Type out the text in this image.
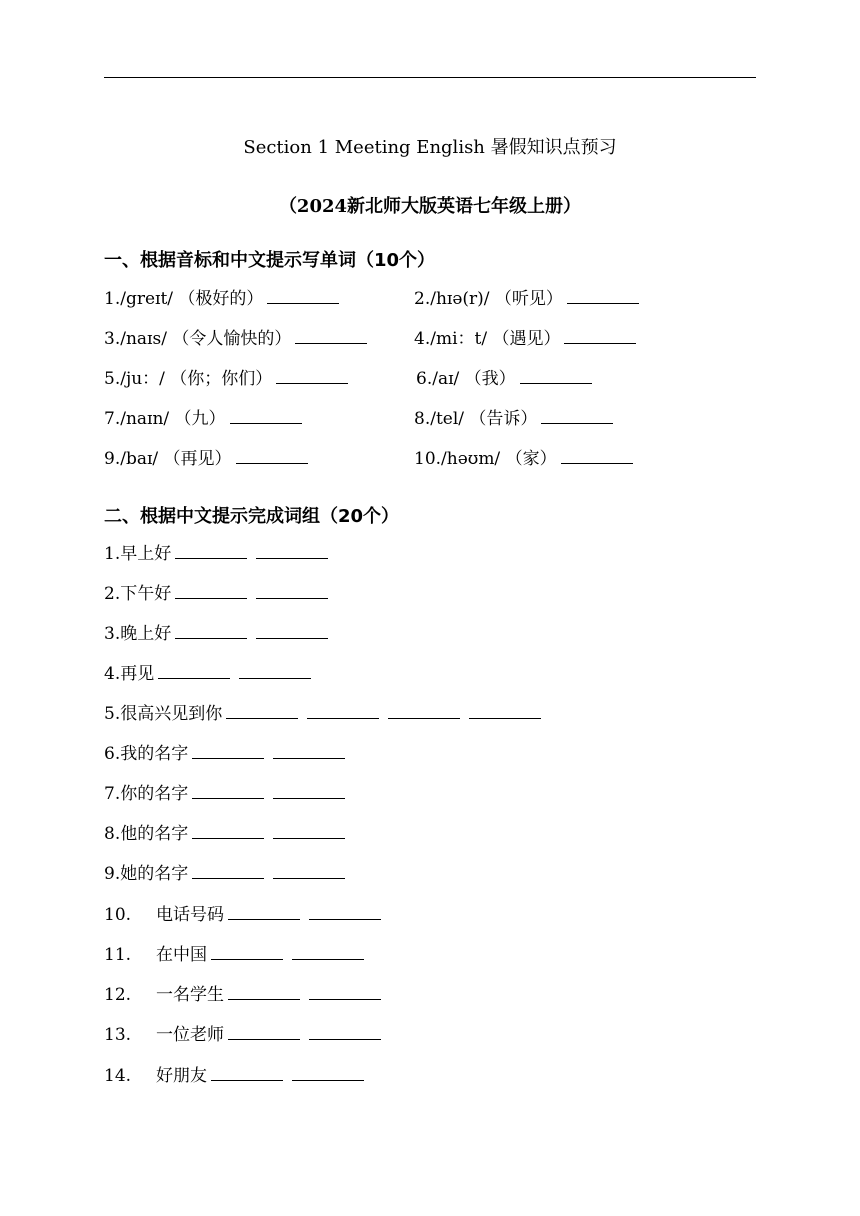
Section 1 Meeting English 暑假知识点预习
（2024新北师大版英语七年级上册）
一、根据音标和中文提示写单词（10个）
1./greɪt/ （极好的）	2./hɪə(r)/ （听见）
3./naɪs/ （令人愉快的）	4./mi：t/ （遇见）
5./ju：/ （你；你们）	6./aɪ/ （我）
7./naɪn/ （九）	8./tel/ （告诉）
9./baɪ/ （再见）	10./həʊm/ （家）
二、根据中文提示完成词组（20个）
1.早上好
2.下午好
3.晚上好
4.再见
5.很高兴见到你
6.我的名字
7.你的名字
8.他的名字
9.她的名字
10. 电话号码
11. 在中国
12. 一名学生
13. 一位老师
14. 好朋友
